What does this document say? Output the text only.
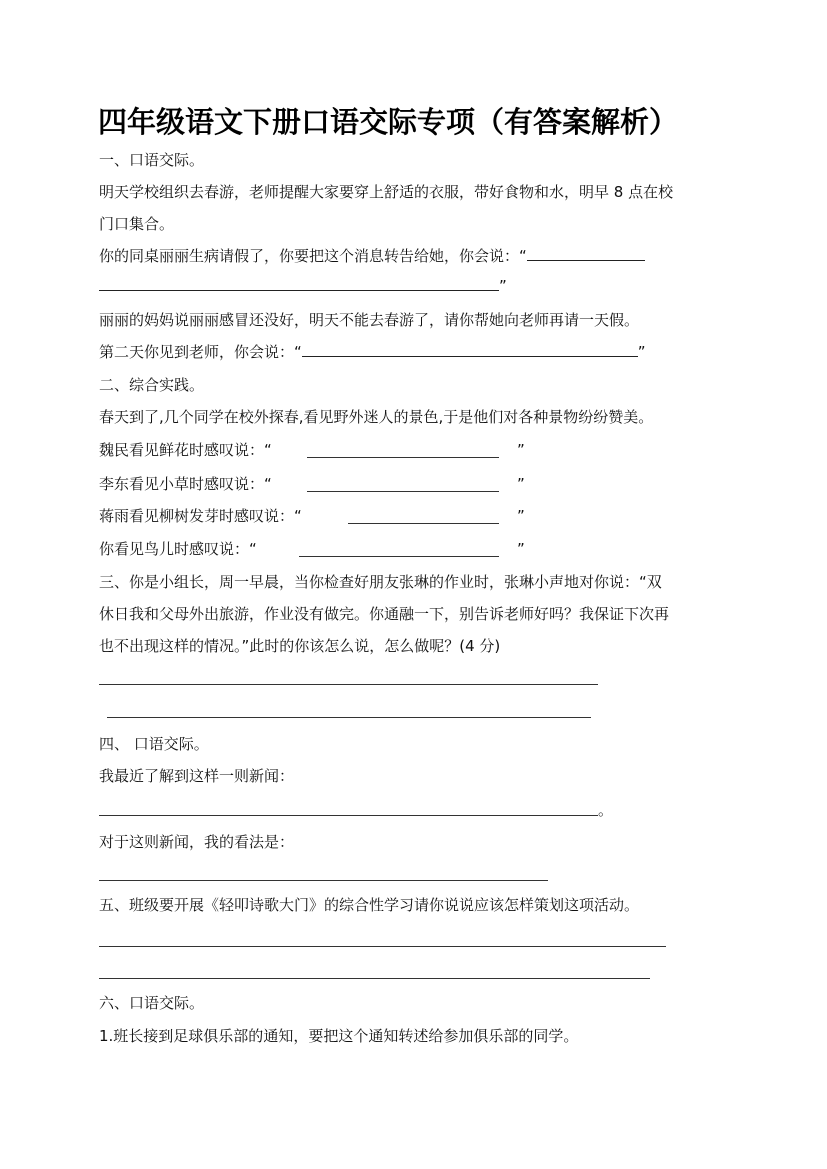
四年级语文下册口语交际专项（有答案解析）
一、口语交际。
明天学校组织去春游，老师提醒大家要穿上舒适的衣服，带好食物和水，明早 8 点在校
门口集合。
你的同桌丽丽生病请假了，你要把这个消息转告给她，你会说：“
”
丽丽的妈妈说丽丽感冒还没好，明天不能去春游了，请你帮她向老师再请一天假。
第二天你见到老师，你会说：“	”
二、综合实践。
春天到了,几个同学在校外探春,看见野外迷人的景色,于是他们对各种景物纷纷赞美。
魏民看见鲜花时感叹说：“	”
李东看见小草时感叹说：“	”
蒋雨看见柳树发芽时感叹说：“	”
你看见鸟儿时感叹说：“	”
三、你是小组长，周一早晨，当你检查好朋友张琳的作业时，张琳小声地对你说：“双
休日我和父母外出旅游，作业没有做完。你通融一下，别告诉老师好吗？我保证下次再
也不出现这样的情况。”此时的你该怎么说，怎么做呢？(4 分)
四、 口语交际。
我最近了解到这样一则新闻：
。
对于这则新闻，我的看法是：
五、班级要开展《轻叩诗歌大门》的综合性学习请你说说应该怎样策划这项活动。
六、口语交际。
1.班长接到足球俱乐部的通知，要把这个通知转述给参加俱乐部的同学。
